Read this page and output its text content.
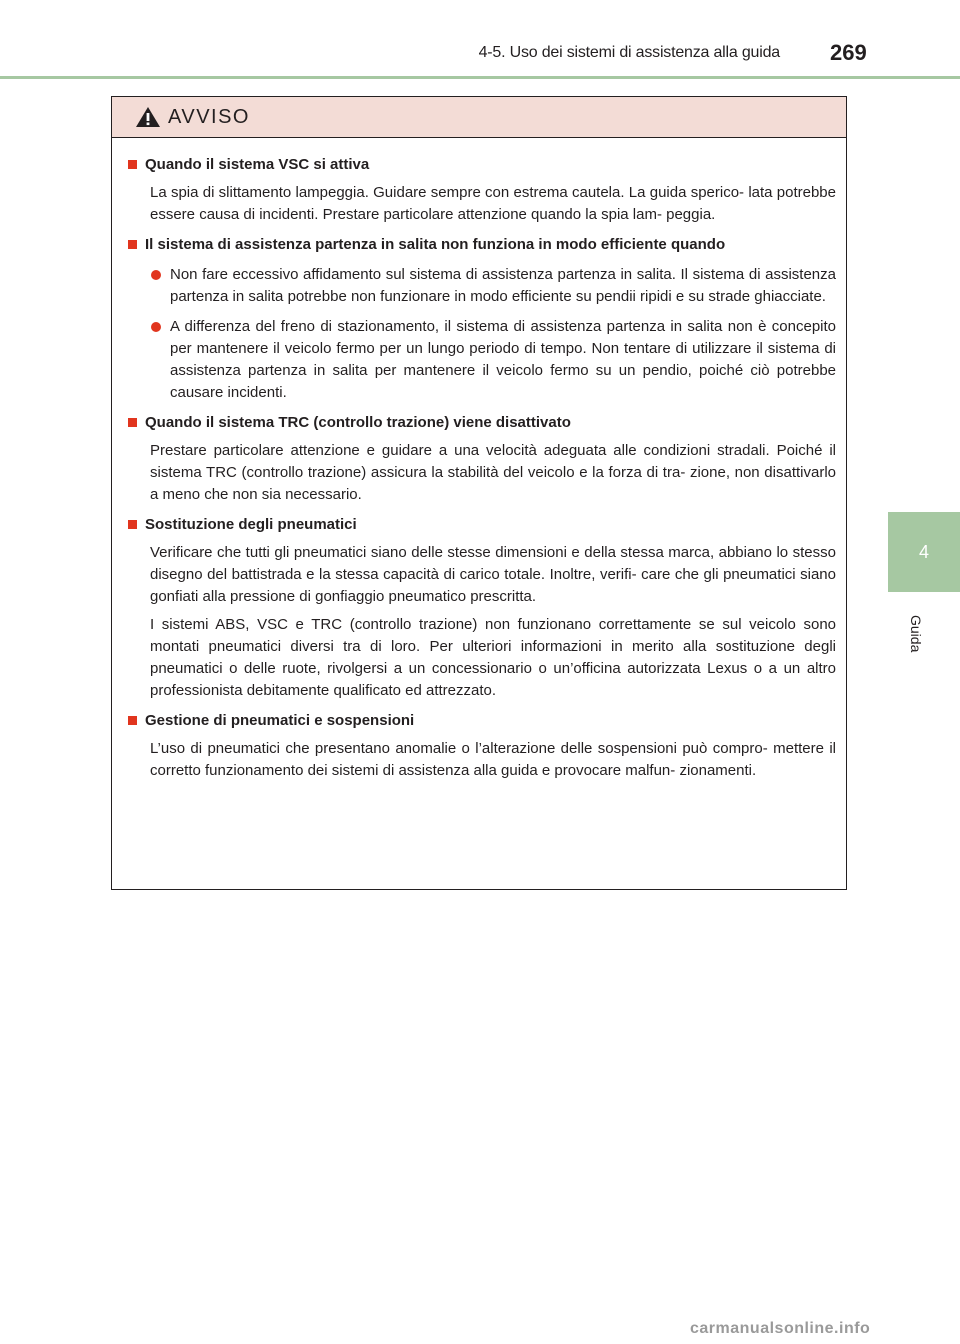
4-5. Uso dei sistemi di assistenza alla guida 269
4
Guida
AVVISO
Quando il sistema VSC si attiva
La spia di slittamento lampeggia. Guidare sempre con estrema cautela. La guida sperico- lata potrebbe essere causa di incidenti. Prestare particolare attenzione quando la spia lam- peggia.
Il sistema di assistenza partenza in salita non funziona in modo efficiente quando
Non fare eccessivo affidamento sul sistema di assistenza partenza in salita. Il sistema di assistenza partenza in salita potrebbe non funzionare in modo efficiente su pendii ripidi e su strade ghiacciate.
A differenza del freno di stazionamento, il sistema di assistenza partenza in salita non è concepito per mantenere il veicolo fermo per un lungo periodo di tempo. Non tentare di utilizzare il sistema di assistenza partenza in salita per mantenere il veicolo fermo su un pendio, poiché ciò potrebbe causare incidenti.
Quando il sistema TRC (controllo trazione) viene disattivato
Prestare particolare attenzione e guidare a una velocità adeguata alle condizioni stradali. Poiché il sistema TRC (controllo trazione) assicura la stabilità del veicolo e la forza di tra- zione, non disattivarlo a meno che non sia necessario.
Sostituzione degli pneumatici
Verificare che tutti gli pneumatici siano delle stesse dimensioni e della stessa marca, abbiano lo stesso disegno del battistrada e la stessa capacità di carico totale. Inoltre, verifi- care che gli pneumatici siano gonfiati alla pressione di gonfiaggio pneumatico prescritta.
I sistemi ABS, VSC e TRC (controllo trazione) non funzionano correttamente se sul veicolo sono montati pneumatici diversi tra di loro. Per ulteriori informazioni in merito alla sostituzione degli pneumatici o delle ruote, rivolgersi a un concessionario o un’officina autorizzata Lexus o a un altro professionista debitamente qualificato ed attrezzato.
Gestione di pneumatici e sospensioni
L’uso di pneumatici che presentano anomalie o l’alterazione delle sospensioni può compro- mettere il corretto funzionamento dei sistemi di assistenza alla guida e provocare malfun- zionamenti.
carmanualsonline.info
